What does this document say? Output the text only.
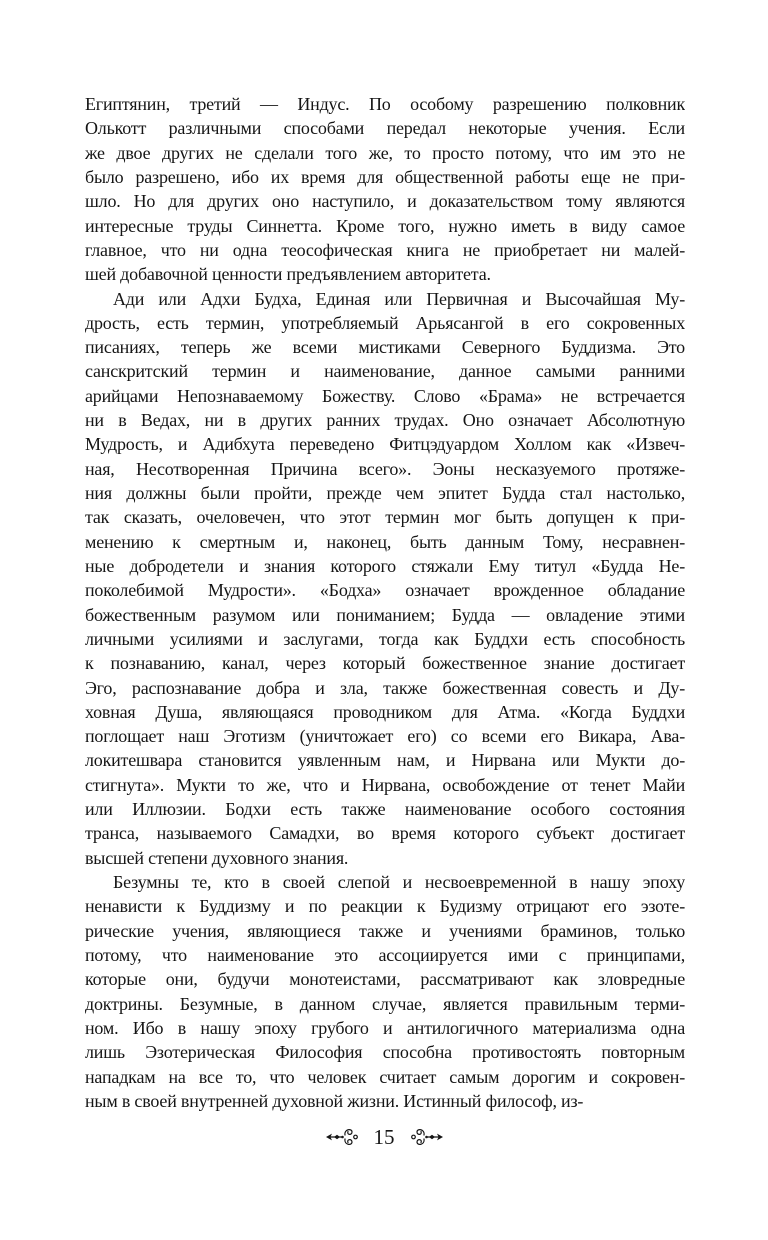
Египтянин, третий — Индус. По особому разрешению полковник
Олькотт различными способами передал некоторые учения. Если
же двое других не сделали того же, то просто потому, что им это не
было разрешено, ибо их время для общественной работы еще не при-
шло. Но для других оно наступило, и доказательством тому являются
интересные труды Синнетта. Кроме того, нужно иметь в виду самое
главное, что ни одна теософическая книга не приобретает ни малей-
шей добавочной ценности предъявлением авторитета.
Ади или Адхи Будха, Единая или Первичная и Высочайшая Му-
дрость, есть термин, употребляемый Арьясангой в его сокровенных
писаниях, теперь же всеми мистиками Северного Буддизма. Это
санскритский термин и наименование, данное самыми ранними
арийцами Непознаваемому Божеству. Слово «Брама» не встречается
ни в Ведах, ни в других ранних трудах. Оно означает Абсолютную
Мудрость, и Адибхута переведено Фитцэдуардом Холлом как «Извеч-
ная, Несотворенная Причина всего». Эоны несказуемого протяже-
ния должны были пройти, прежде чем эпитет Будда стал настолько,
так сказать, очеловечен, что этот термин мог быть допущен к при-
менению к смертным и, наконец, быть данным Тому, несравнен-
ные добродетели и знания которого стяжали Ему титул «Будда Не-
поколебимой Мудрости». «Бодха» означает врожденное обладание
божественным разумом или пониманием; Будда — овладение этими
личными усилиями и заслугами, тогда как Буддхи есть способность
к познаванию, канал, через который божественное знание достигает
Эго, распознавание добра и зла, также божественная совесть и Ду-
ховная Душа, являющаяся проводником для Атма. «Когда Буддхи
поглощает наш Эготизм (уничтожает его) со всеми его Викара, Ава-
локитешвара становится уявленным нам, и Нирвана или Мукти до-
стигнута». Мукти то же, что и Нирвана, освобождение от тенет Майи
или Иллюзии. Бодхи есть также наименование особого состояния
транса, называемого Самадхи, во время которого субъект достигает
высшей степени духовного знания.
Безумны те, кто в своей слепой и несвоевременной в нашу эпоху
ненависти к Буддизму и по реакции к Будизму отрицают его эзоте-
рические учения, являющиеся также и учениями браминов, только
потому, что наименование это ассоциируется ими с принципами,
которые они, будучи монотеистами, рассматривают как зловредные
доктрины. Безумные, в данном случае, является правильным терми-
ном. Ибо в нашу эпоху грубого и антилогичного материализма одна
лишь Эзотерическая Философия способна противостоять повторным
нападкам на все то, что человек считает самым дорогим и сокровен-
ным в своей внутренней духовной жизни. Истинный философ, из-
15
